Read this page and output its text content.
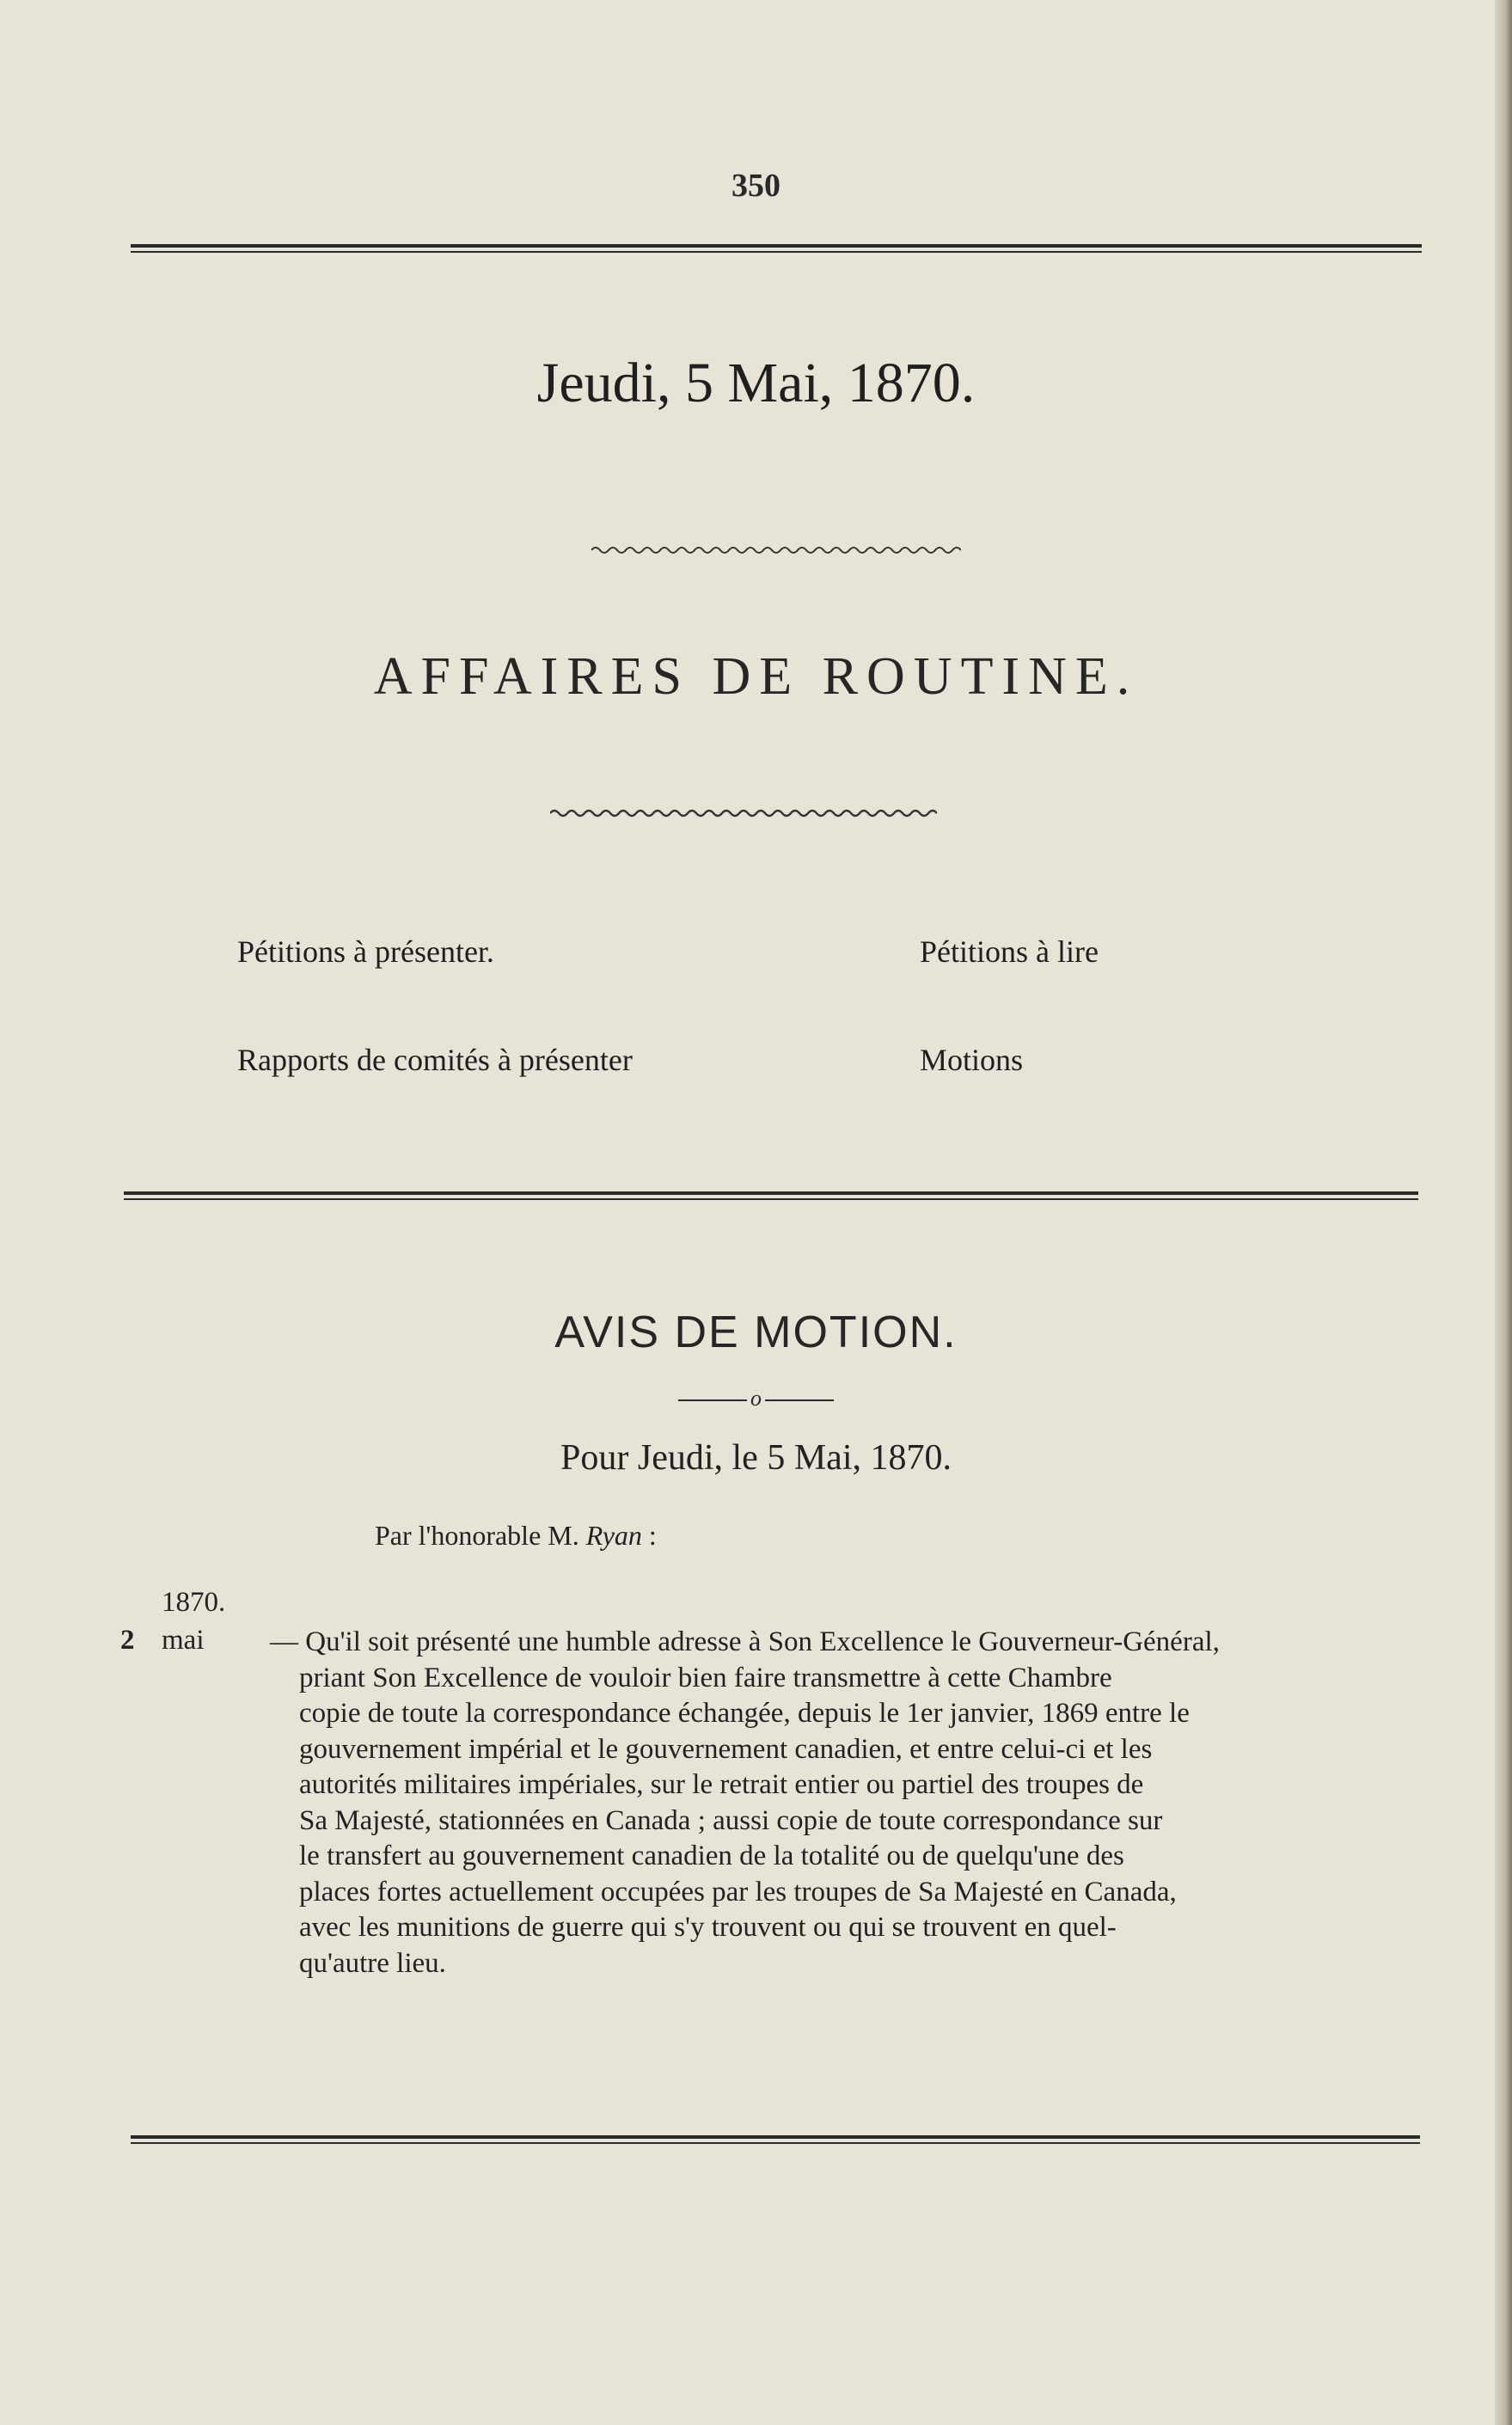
350
Jeudi, 5 Mai, 1870.
AFFAIRES DE ROUTINE.
Pétitions à présenter.	Pétitions à lire
Rapports de comités à présenter	Motions
AVIS DE MOTION.
o
Pour Jeudi, le 5 Mai, 1870.
Par l'honorable M. Ryan :
1870.
2 mai — Qu'il soit présenté une humble adresse à Son Excellence le Gouverneur-Général,
priant Son Excellence de vouloir bien faire transmettre à cette Chambre
copie de toute la correspondance échangée, depuis le 1er janvier, 1869 entre le
gouvernement impérial et le gouvernement canadien, et entre celui-ci et les
autorités militaires impériales, sur le retrait entier ou partiel des troupes de
Sa Majesté, stationnées en Canada ; aussi copie de toute correspondance sur
le transfert au gouvernement canadien de la totalité ou de quelqu'une des
places fortes actuellement occupées par les troupes de Sa Majesté en Canada,
avec les munitions de guerre qui s'y trouvent ou qui se trouvent en quel-
qu'autre lieu.
